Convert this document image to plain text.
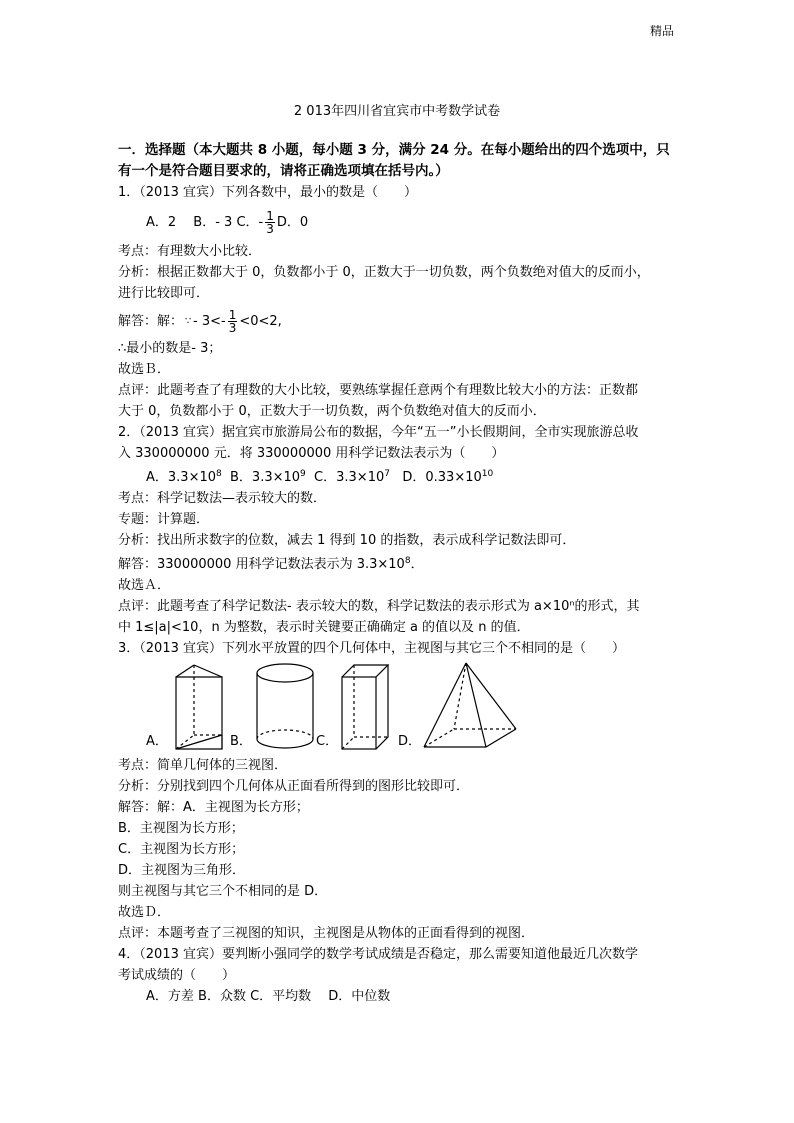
精品
2 013年四川省宜宾市中考数学试卷

一．选择题（本大题共 8 小题，每小题 3 分，满分 24 分。在每小题给出的四个选项中，只

有一个是符合题目要求的，请将正确选项填在括号内。）

1．（2013 宜宾）下列各数中，最小的数是（　　）

A．2　 B．- 3 C．- $\frac{1}{3}$ D．0

考点：有理数大小比较．

分析：根据正数都大于 0，负数都小于 0，正数大于一切负数，两个负数绝对值大的反而小，

进行比较即可．

解答：解： ∵ - $3<- \frac{1}{3} <0<2$,

∴最小的数是- 3；

故选Ｂ．

点评：此题考查了有理数的大小比较，要熟练掌握任意两个有理数比较大小的方法：正数都

大于 0，负数都小于 0，正数大于一切负数，两个负数绝对值大的反而小．

2．（2013 宜宾）据宜宾市旅游局公布的数据，今年“五一”小长假期间，全市实现旅游总收

入 330000000 元．将 330000000 用科学记数法表示为（　　）

A．$3.3\times 10^8$ B．$3.3\times 10^9$ C．$3.3\times 10^7$ D．$0.33\times 10^{10}$

考点：科学记数法—表示较大的数．

专题：计算题．

分析：找出所求数字的位数，减去 1 得到 10 的指数，表示成科学记数法即可．

解答：330000000 用科学记数法表示为 $3.3\times 10^8$．

故选Ａ．

点评：此题考查了科学记数法- 表示较大的数，科学记数法的表示形式为 a×10ⁿ的形式，其

中 1≤|a|<10，n 为整数，表示时关键要正确确定 a 的值以及 n 的值．

3．（2013 宜宾）下列水平放置的四个几何体中，主视图与其它三个不相同的是（　　）

A．	B．	C．	D．

考点：简单几何体的三视图．

分析：分别找到四个几何体从正面看所得到的图形比较即可．

解答：解：A．主视图为长方形；

B．主视图为长方形；

C．主视图为长方形；

D．主视图为三角形．

则主视图与其它三个不相同的是 D．

故选Ｄ．

点评：本题考查了三视图的知识，主视图是从物体的正面看得到的视图．

4．（2013 宜宾）要判断小强同学的数学考试成绩是否稳定，那么需要知道他最近几次数学

考试成绩的（　　）

A．方差 B．众数 C．平均数　 D．中位数
